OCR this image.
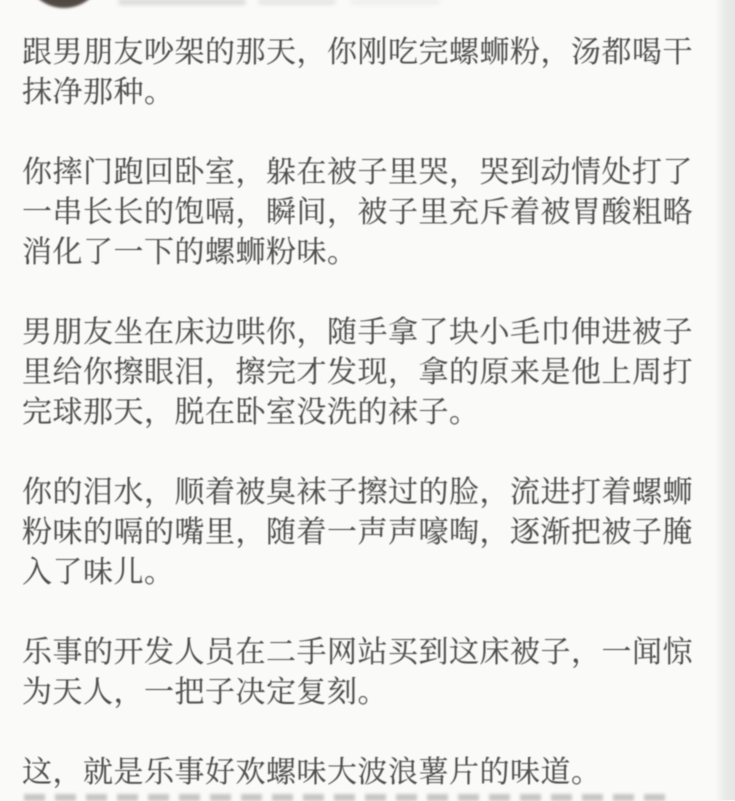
跟男朋友吵架的那天，你刚吃完螺蛳粉，汤都喝干
抹净那种。

你摔门跑回卧室，躲在被子里哭，哭到动情处打了
一串长长的饱嗝，瞬间，被子里充斥着被胃酸粗略
消化了一下的螺蛳粉味。

男朋友坐在床边哄你，随手拿了块小毛巾伸进被子
里给你擦眼泪，擦完才发现，拿的原来是他上周打
完球那天，脱在卧室没洗的袜子。

你的泪水，顺着被臭袜子擦过的脸，流进打着螺蛳
粉味的嗝的嘴里，随着一声声嚎啕，逐渐把被子腌
入了味儿。

乐事的开发人员在二手网站买到这床被子，一闻惊
为天人，一把子决定复刻。

这，就是乐事好欢螺味大波浪薯片的味道。
